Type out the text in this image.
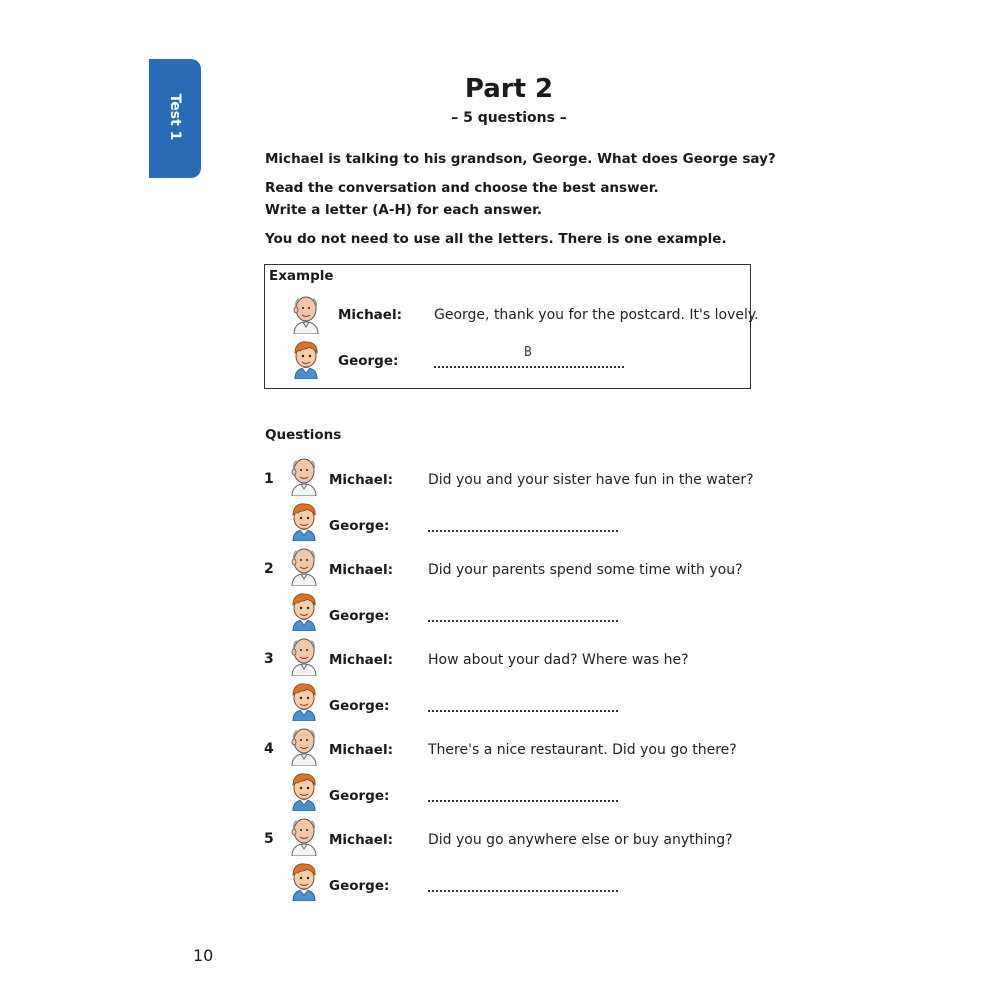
Test 1
Part 2
– 5 questions –
Michael is talking to his grandson, George. What does George say?
Read the conversation and choose the best answer.
Write a letter (A-H) for each answer.
You do not need to use all the letters. There is one example.
Example
Michael: George, thank you for the postcard. It's lovely.
George:
B
Questions
1	Michael:	Did you and your sister have fun in the water?
George:
2	Michael:	Did your parents spend some time with you?
George:
3	Michael:	How about your dad? Where was he?
George:
4	Michael:	There's a nice restaurant. Did you go there?
George:
5	Michael:	Did you go anywhere else or buy anything?
George:
10
